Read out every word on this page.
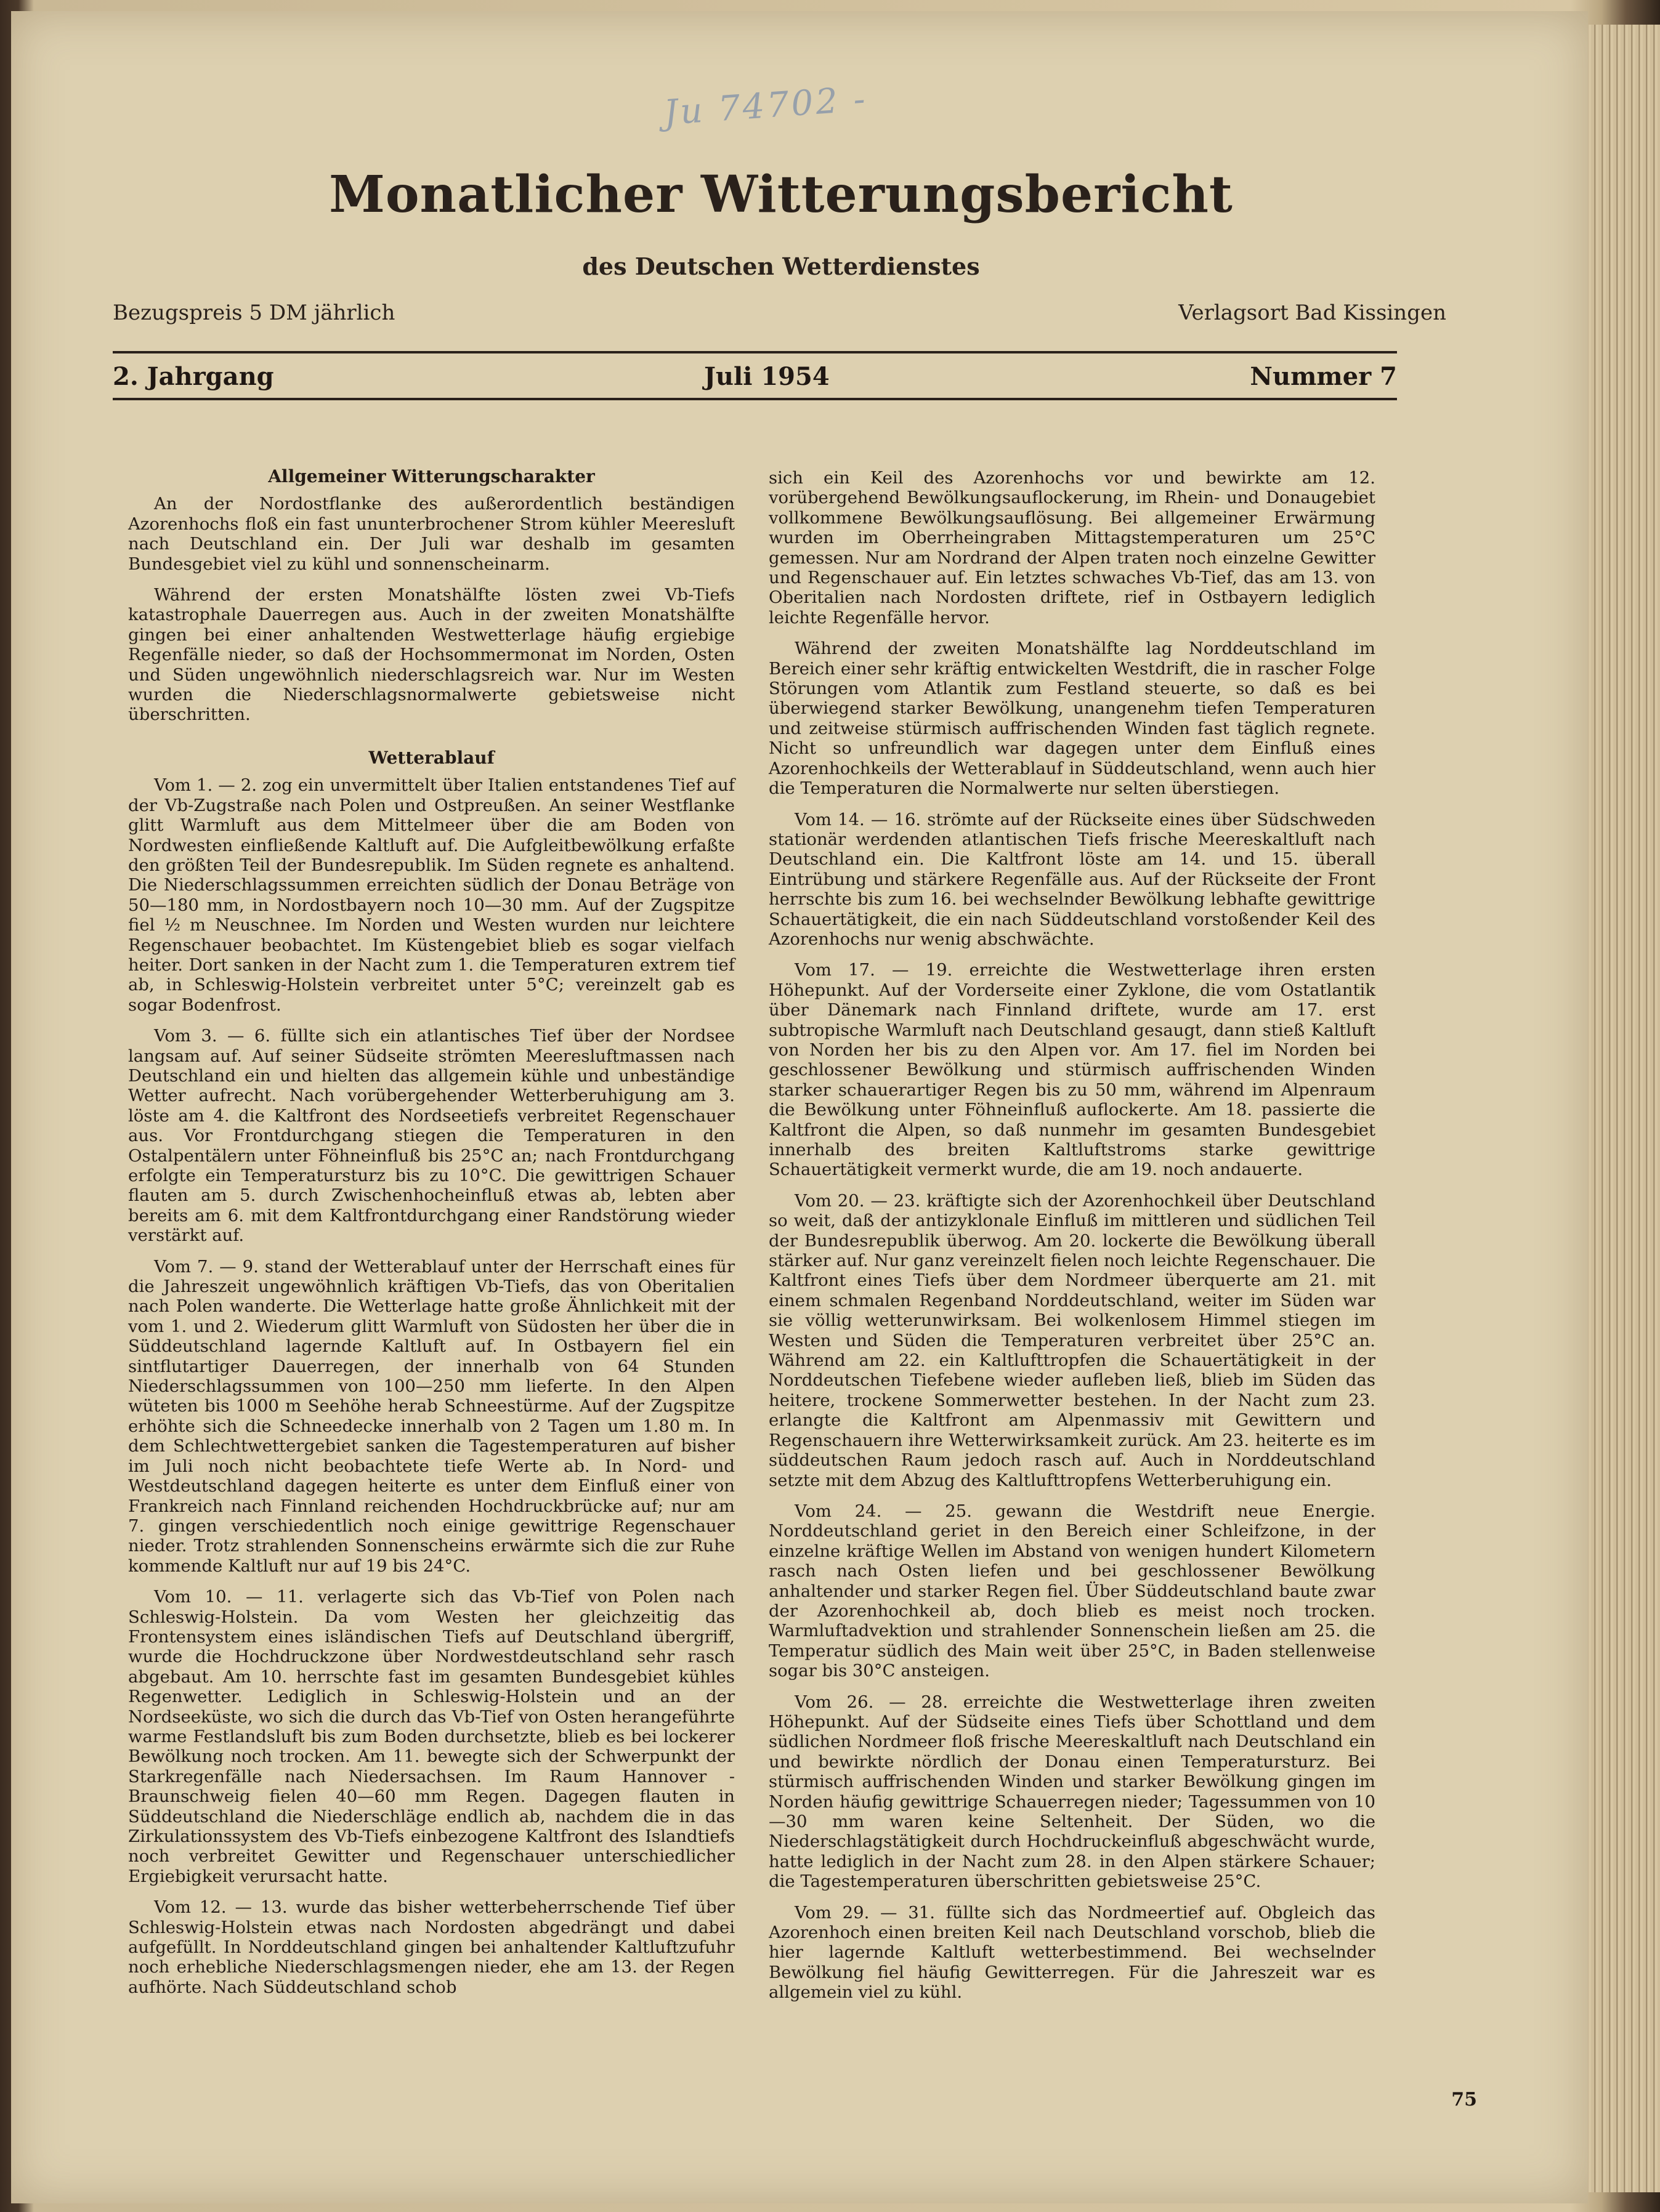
Ju 74702 -
Monatlicher Witterungsbericht
des Deutschen Wetterdienstes
Bezugspreis 5 DM jährlich	Verlagsort Bad Kissingen
2. Jahrgang	Juli 1954	Nummer 7
Allgemeiner Witterungscharakter

An der Nordostflanke des außerordentlich beständigen Azorenhochs floß ein fast ununterbrochener Strom kühler Meeresluft nach Deutschland ein. Der Juli war deshalb im gesamten Bundesgebiet viel zu kühl und sonnenscheinarm.

Während der ersten Monatshälfte lösten zwei Vb-Tiefs katastrophale Dauerregen aus. Auch in der zweiten Monatshälfte gingen bei einer anhaltenden Westwetterlage häufig ergiebige Regenfälle nieder, so daß der Hochsommermonat im Norden, Osten und Süden ungewöhnlich niederschlagsreich war. Nur im Westen wurden die Niederschlagsnormalwerte gebietsweise nicht überschritten.

Wetterablauf

Vom 1. — 2. zog ein unvermittelt über Italien entstandenes Tief auf der Vb-Zugstraße nach Polen und Ostpreußen. An seiner Westflanke glitt Warmluft aus dem Mittelmeer über die am Boden von Nordwesten einfließende Kaltluft auf. Die Aufgleitbewölkung erfaßte den größten Teil der Bundesrepublik. Im Süden regnete es anhaltend. Die Niederschlagssummen erreichten südlich der Donau Beträge von 50—180 mm, in Nordostbayern noch 10—30 mm. Auf der Zugspitze fiel ½ m Neuschnee. Im Norden und Westen wurden nur leichtere Regenschauer beobachtet. Im Küstengebiet blieb es sogar vielfach heiter. Dort sanken in der Nacht zum 1. die Temperaturen extrem tief ab, in Schleswig-Holstein verbreitet unter 5°C; vereinzelt gab es sogar Bodenfrost.

Vom 3. — 6. füllte sich ein atlantisches Tief über der Nordsee langsam auf. Auf seiner Südseite strömten Meeresluftmassen nach Deutschland ein und hielten das allgemein kühle und unbeständige Wetter aufrecht. Nach vorübergehender Wetterberuhigung am 3. löste am 4. die Kaltfront des Nordseetiefs verbreitet Regenschauer aus. Vor Frontdurchgang stiegen die Temperaturen in den Ostalpentälern unter Föhneinfluß bis 25°C an; nach Frontdurchgang erfolgte ein Temperatursturz bis zu 10°C. Die gewittrigen Schauer flauten am 5. durch Zwischenhocheinfluß etwas ab, lebten aber bereits am 6. mit dem Kaltfrontdurchgang einer Randstörung wieder verstärkt auf.

Vom 7. — 9. stand der Wetterablauf unter der Herrschaft eines für die Jahreszeit ungewöhnlich kräftigen Vb-Tiefs, das von Oberitalien nach Polen wanderte. Die Wetterlage hatte große Ähnlichkeit mit der vom 1. und 2. Wiederum glitt Warmluft von Südosten her über die in Süddeutschland lagernde Kaltluft auf. In Ostbayern fiel ein sintflutartiger Dauerregen, der innerhalb von 64 Stunden Niederschlagssummen von 100—250 mm lieferte. In den Alpen wüteten bis 1000 m Seehöhe herab Schneestürme. Auf der Zugspitze erhöhte sich die Schneedecke innerhalb von 2 Tagen um 1.80 m. In dem Schlechtwettergebiet sanken die Tagestemperaturen auf bisher im Juli noch nicht beobachtete tiefe Werte ab. In Nord- und Westdeutschland dagegen heiterte es unter dem Einfluß einer von Frankreich nach Finnland reichenden Hochdruckbrücke auf; nur am 7. gingen verschiedentlich noch einige gewittrige Regenschauer nieder. Trotz strahlenden Sonnenscheins erwärmte sich die zur Ruhe kommende Kaltluft nur auf 19 bis 24°C.

Vom 10. — 11. verlagerte sich das Vb-Tief von Polen nach Schleswig-Holstein. Da vom Westen her gleichzeitig das Frontensystem eines isländischen Tiefs auf Deutschland übergriff, wurde die Hochdruckzone über Nordwestdeutschland sehr rasch abgebaut. Am 10. herrschte fast im gesamten Bundesgebiet kühles Regenwetter. Lediglich in Schleswig-Holstein und an der Nordseeküste, wo sich die durch das Vb-Tief von Osten herangeführte warme Festlandsluft bis zum Boden durchsetzte, blieb es bei lockerer Bewölkung noch trocken. Am 11. bewegte sich der Schwerpunkt der Starkregenfälle nach Niedersachsen. Im Raum Hannover - Braunschweig fielen 40—60 mm Regen. Dagegen flauten in Süddeutschland die Niederschläge endlich ab, nachdem die in das Zirkulationssystem des Vb-Tiefs einbezogene Kaltfront des Islandtiefs noch verbreitet Gewitter und Regenschauer unterschiedlicher Ergiebigkeit verursacht hatte.

Vom 12. — 13. wurde das bisher wetterbeherrschende Tief über Schleswig-Holstein etwas nach Nordosten abgedrängt und dabei aufgefüllt. In Norddeutschland gingen bei anhaltender Kaltluftzufuhr noch erhebliche Niederschlagsmengen nieder, ehe am 13. der Regen aufhörte. Nach Süddeutschland schob

sich ein Keil des Azorenhochs vor und bewirkte am 12. vorübergehend Bewölkungsauflockerung, im Rhein- und Donaugebiet vollkommene Bewölkungsauflösung. Bei allgemeiner Erwärmung wurden im Oberrheingraben Mittagstemperaturen um 25°C gemessen. Nur am Nordrand der Alpen traten noch einzelne Gewitter und Regenschauer auf. Ein letztes schwaches Vb-Tief, das am 13. von Oberitalien nach Nordosten driftete, rief in Ostbayern lediglich leichte Regenfälle hervor.

Während der zweiten Monatshälfte lag Norddeutschland im Bereich einer sehr kräftig entwickelten Westdrift, die in rascher Folge Störungen vom Atlantik zum Festland steuerte, so daß es bei überwiegend starker Bewölkung, unangenehm tiefen Temperaturen und zeitweise stürmisch auffrischenden Winden fast täglich regnete. Nicht so unfreundlich war dagegen unter dem Einfluß eines Azorenhochkeils der Wetterablauf in Süddeutschland, wenn auch hier die Temperaturen die Normalwerte nur selten überstiegen.

Vom 14. — 16. strömte auf der Rückseite eines über Südschweden stationär werdenden atlantischen Tiefs frische Meereskaltluft nach Deutschland ein. Die Kaltfront löste am 14. und 15. überall Eintrübung und stärkere Regenfälle aus. Auf der Rückseite der Front herrschte bis zum 16. bei wechselnder Bewölkung lebhafte gewittrige Schauertätigkeit, die ein nach Süddeutschland vorstoßender Keil des Azorenhochs nur wenig abschwächte.

Vom 17. — 19. erreichte die Westwetterlage ihren ersten Höhepunkt. Auf der Vorderseite einer Zyklone, die vom Ostatlantik über Dänemark nach Finnland driftete, wurde am 17. erst subtropische Warmluft nach Deutschland gesaugt, dann stieß Kaltluft von Norden her bis zu den Alpen vor. Am 17. fiel im Norden bei geschlossener Bewölkung und stürmisch auffrischenden Winden starker schauerartiger Regen bis zu 50 mm, während im Alpenraum die Bewölkung unter Föhneinfluß auflockerte. Am 18. passierte die Kaltfront die Alpen, so daß nunmehr im gesamten Bundesgebiet innerhalb des breiten Kaltluftstroms starke gewittrige Schauertätigkeit vermerkt wurde, die am 19. noch andauerte.

Vom 20. — 23. kräftigte sich der Azorenhochkeil über Deutschland so weit, daß der antizyklonale Einfluß im mittleren und südlichen Teil der Bundesrepublik überwog. Am 20. lockerte die Bewölkung überall stärker auf. Nur ganz vereinzelt fielen noch leichte Regenschauer. Die Kaltfront eines Tiefs über dem Nordmeer überquerte am 21. mit einem schmalen Regenband Norddeutschland, weiter im Süden war sie völlig wetterunwirksam. Bei wolkenlosem Himmel stiegen im Westen und Süden die Temperaturen verbreitet über 25°C an. Während am 22. ein Kaltlufttropfen die Schauertätigkeit in der Norddeutschen Tiefebene wieder aufleben ließ, blieb im Süden das heitere, trockene Sommerwetter bestehen. In der Nacht zum 23. erlangte die Kaltfront am Alpenmassiv mit Gewittern und Regenschauern ihre Wetterwirksamkeit zurück. Am 23. heiterte es im süddeutschen Raum jedoch rasch auf. Auch in Norddeutschland setzte mit dem Abzug des Kaltlufttropfens Wetterberuhigung ein.

Vom 24. — 25. gewann die Westdrift neue Energie. Norddeutschland geriet in den Bereich einer Schleifzone, in der einzelne kräftige Wellen im Abstand von wenigen hundert Kilometern rasch nach Osten liefen und bei geschlossener Bewölkung anhaltender und starker Regen fiel. Über Süddeutschland baute zwar der Azorenhochkeil ab, doch blieb es meist noch trocken. Warmluftadvektion und strahlender Sonnenschein ließen am 25. die Temperatur südlich des Main weit über 25°C, in Baden stellenweise sogar bis 30°C ansteigen.

Vom 26. — 28. erreichte die Westwetterlage ihren zweiten Höhepunkt. Auf der Südseite eines Tiefs über Schottland und dem südlichen Nordmeer floß frische Meereskaltluft nach Deutschland ein und bewirkte nördlich der Donau einen Temperatursturz. Bei stürmisch auffrischenden Winden und starker Bewölkung gingen im Norden häufig gewittrige Schauerregen nieder; Tagessummen von 10—30 mm waren keine Seltenheit. Der Süden, wo die Niederschlagstätigkeit durch Hochdruckeinfluß abgeschwächt wurde, hatte lediglich in der Nacht zum 28. in den Alpen stärkere Schauer; die Tagestemperaturen überschritten gebietsweise 25°C.

Vom 29. — 31. füllte sich das Nordmeertief auf. Obgleich das Azorenhoch einen breiten Keil nach Deutschland vorschob, blieb die hier lagernde Kaltluft wetterbestimmend. Bei wechselnder Bewölkung fiel häufig Gewitterregen. Für die Jahreszeit war es allgemein viel zu kühl.

75
